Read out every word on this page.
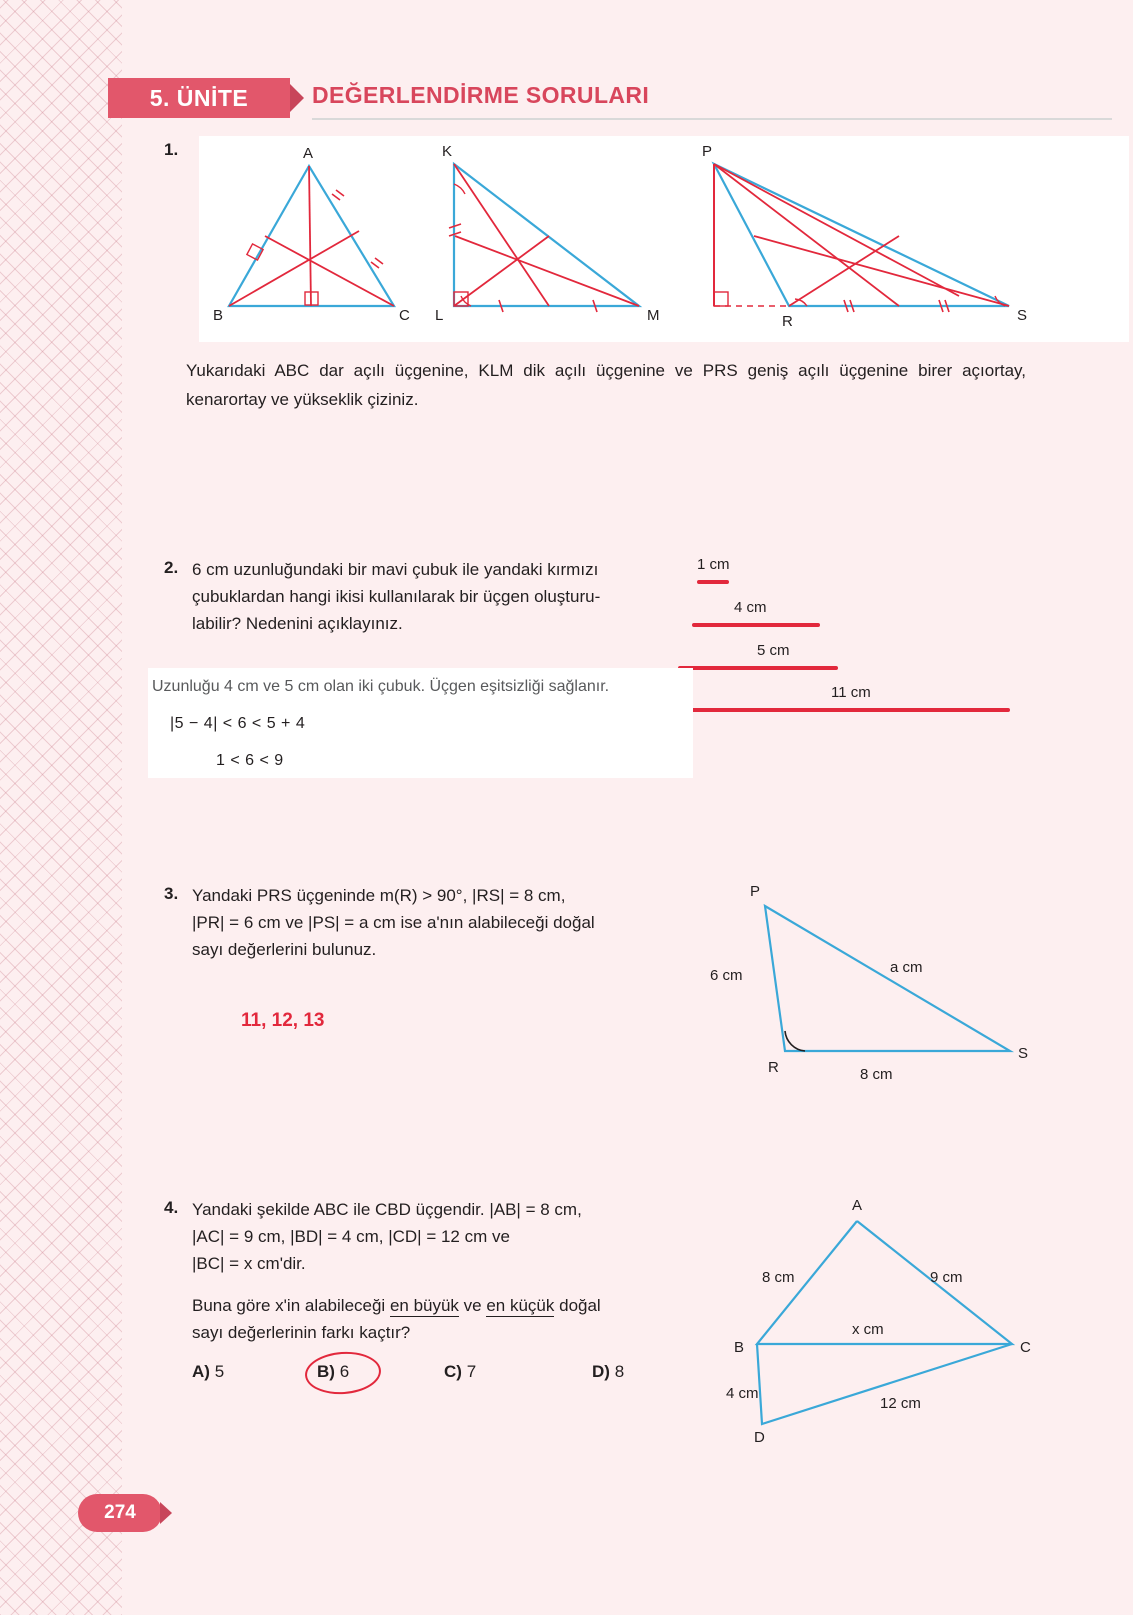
5. ÜNİTE	DEĞERLENDİRME SORULARI
1.	A
B	C
K
L	M
P
R	S
Yukarıdaki ABC dar açılı üçgenine, KLM dik açılı üçgenine ve PRS geniş açılı üçgenine birer açıortay, kenarortay ve yükseklik çiziniz.
2. 6 cm uzunluğundaki bir mavi çubuk ile yandaki kırmızı
çubuklardan hangi ikisi kullanılarak bir üçgen oluşturu-
labilir? Nedenini açıklayınız.
1 cm
4 cm
5 cm
11 cm
Uzunluğu 4 cm ve 5 cm olan iki çubuk. Üçgen eşitsizliği sağlanır.
|5 − 4| < 6 < 5 + 4
1 < 6 < 9
3. Yandaki PRS üçgeninde m(R) > 90°, |RS| = 8 cm,
|PR| = 6 cm ve |PS| = a cm ise a'nın alabileceği doğal
sayı değerlerini bulunuz.
11, 12, 13
P
R
S
6 cm	a cm
8 cm
4. Yandaki şekilde ABC ile CBD üçgendir. |AB| = 8 cm,
|AC| = 9 cm, |BD| = 4 cm, |CD| = 12 cm ve
|BC| = x cm'dir.
Buna göre x'in alabileceği en büyük ve en küçük doğal
sayı değerlerinin farkı kaçtır?
A) 5	B) 6	C) 7	D) 8
A
B	C
D
8 cm	9 cm
x cm
4 cm
12 cm
274
